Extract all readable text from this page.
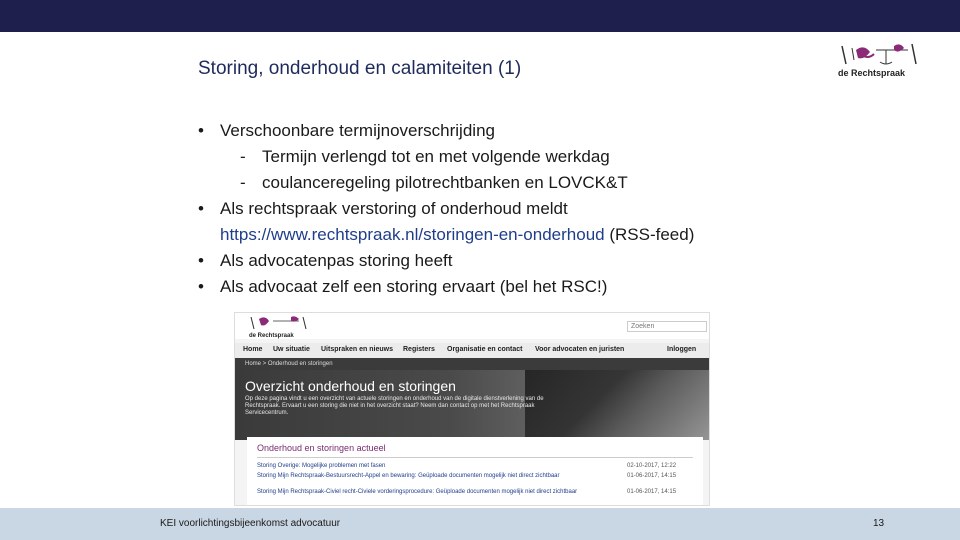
Storing, onderhoud en calamiteiten (1)	de Rechtspraak
• Verschoonbare termijnoverschrijding
- Termijn verlengd tot en met volgende werkdag
- coulanceregeling pilotrechtbanken en LOVCK&T
• Als rechtspraak verstoring of onderhoud meldt
https://www.rechtspraak.nl/storingen-en-onderhoud (RSS-feed)
• Als advocatenpas storing heeft
• Als advocaat zelf een storing ervaart (bel het RSC!)
de Rechtspraak
Zoeken
Home Uw situatie Uitspraken en nieuws Registers Organisatie en contact Voor advocaten en juristen	Inloggen
Home > Onderhoud en storingen
Overzicht onderhoud en storingen
Op deze pagina vindt u een overzicht van actuele storingen en onderhoud van de digitale dienstverlening van de Rechtspraak. Ervaart u een storing die niet in het overzicht staat? Neem dan contact op met het Rechtspraak Servicecentrum.
Onderhoud en storingen actueel
Storing Overige: Mogelijke problemen met fasen	02-10-2017, 12:22
Storing Mijn Rechtspraak-Bestuursrecht-Appel en bewaring: Geüploade documenten mogelijk niet direct zichtbaar	01-06-2017, 14:15
Storing Mijn Rechtspraak-Civiel recht-Civiele vorderingsprocedure: Geüploade documenten mogelijk niet direct zichtbaar	01-06-2017, 14:15
KEI voorlichtingsbijeenkomst advocatuur	13
